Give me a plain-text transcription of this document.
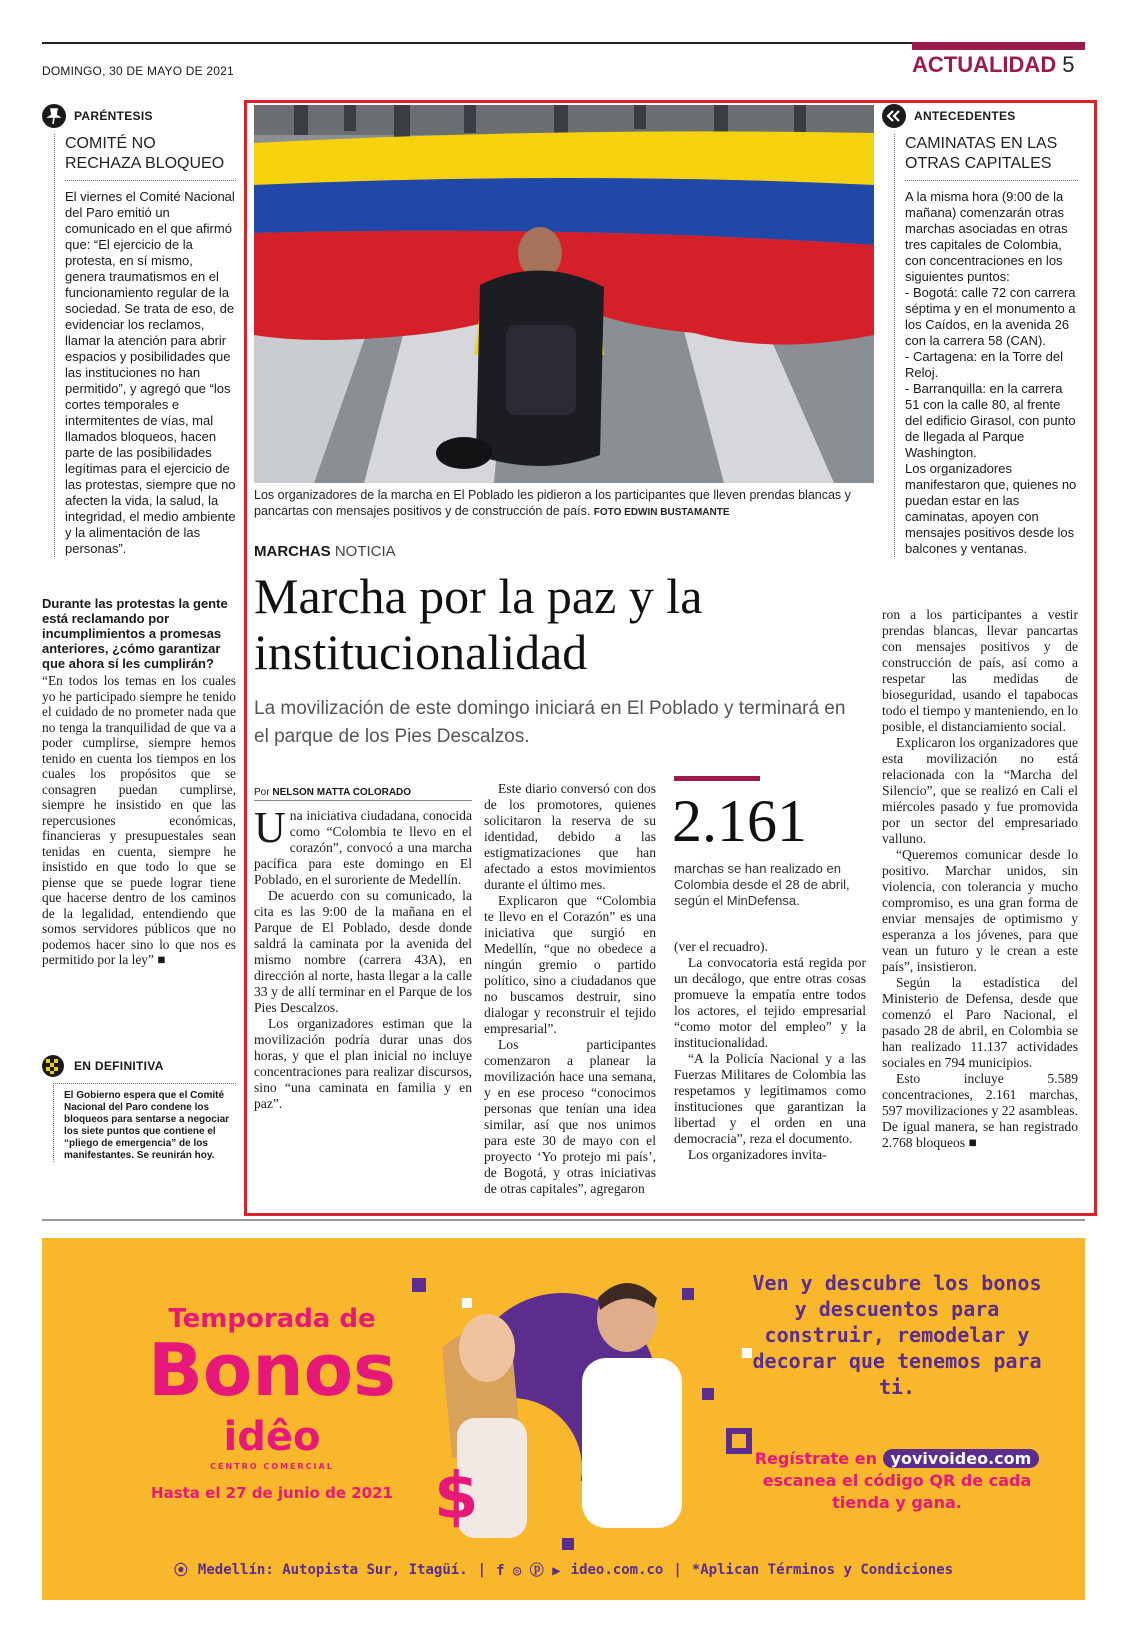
DOMINGO, 30 DE MAYO DE 2021	ACTUALIDAD 5
PARÉNTESIS
COMITÉ NO RECHAZA BLOQUEO
El viernes el Comité Nacional del Paro emitió un comunicado en el que afirmó que: “El ejercicio de la protesta, en sí mismo, genera traumatismos en el funcionamiento regular de la sociedad. Se trata de eso, de evidenciar los reclamos, llamar la atención para abrir espacios y posibilidades que las instituciones no han permitido”, y agregó que “los cortes temporales e intermitentes de vías, mal llamados bloqueos, hacen parte de las posibilidades legítimas para el ejercicio de las protestas, siempre que no afecten la vida, la salud, la integridad, el medio ambiente y la alimentación de las personas”.
Durante las protestas la gente está reclamando por incumplimientos a promesas anteriores, ¿cómo garantizar que ahora sí les cumplirán?
“En todos los temas en los cuales yo he participado siempre he tenido el cuidado de no prometer nada que no tenga la tranquilidad de que va a poder cumplirse, siempre hemos tenido en cuenta los tiempos en los cuales los propósitos que se consagren puedan cumplirse, siempre he insistido en que las repercusiones económicas, financieras y presupuestales sean tenidas en cuenta, siempre he insistido en que todo lo que se piense que se puede lograr tiene que hacerse dentro de los caminos de la legalidad, entendiendo que somos servidores públicos que no podemos hacer sino lo que nos es permitido por la ley” ■
EN DEFINITIVA
El Gobierno espera que el Comité Nacional del Paro condene los bloqueos para sentarse a negociar los siete puntos que contiene el “pliego de emergencia” de los manifestantes. Se reunirán hoy.
Los organizadores de la marcha en El Poblado les pidieron a los participantes que lleven prendas blancas y pancartas con mensajes positivos y de construcción de país. FOTO EDWIN BUSTAMANTE
MARCHAS NOTICIA
Marcha por la paz y la institucionalidad
La movilización de este domingo iniciará en El Poblado y terminará en el parque de los Pies Descalzos.
Por NELSON MATTA COLORADO
U na iniciativa ciudadana, conocida como “Colombia te llevo en el corazón”, convocó a una marcha pacífica para este domingo en El Poblado, en el suroriente de Medellín.

De acuerdo con su comunicado, la cita es las 9:00 de la mañana en el Parque de El Poblado, desde donde saldrá la caminata por la avenida del mismo nombre (carrera 43A), en dirección al norte, hasta llegar a la calle 33 y de allí terminar en el Parque de los Pies Descalzos.

Los organizadores estiman que la movilización podría durar unas dos horas, y que el plan inicial no incluye concentraciones para realizar discursos, sino “una caminata en familia y en paz”.

Este diario conversó con dos de los promotores, quienes solicitaron la reserva de su identidad, debido a las estigmatizaciones que han afectado a estos movimientos durante el último mes.

Explicaron que “Colombia te llevo en el Corazón” es una iniciativa que surgió en Medellín, “que no obedece a ningún gremio o partido político, sino a ciudadanos que no buscamos destruir, sino dialogar y reconstruir el tejido empresarial”.

Los participantes comenzaron a planear la movilización hace una semana, y en ese proceso “conocimos personas que tenían una idea similar, así que nos unimos para este 30 de mayo con el proyecto ‘Yo protejo mi país’, de Bogotá, y otras iniciativas de otras capitales”, agregaron

2.161
marchas se han realizado en Colombia desde el 28 de abril, según el MinDefensa.

(ver el recuadro).

La convocatoria está regida por un decálogo, que entre otras cosas promueve la empatía entre todos los actores, el tejido empresarial “como motor del empleo” y la institucionalidad.

“A la Policía Nacional y a las Fuerzas Militares de Colombia las respetamos y legitimamos como instituciones que garantizan la libertad y el orden en una democracia”, reza el documento.

Los organizadores invita-

ron a los participantes a vestir prendas blancas, llevar pancartas con mensajes positivos y de construcción de país, así como a respetar las medidas de bioseguridad, usando el tapabocas todo el tiempo y manteniendo, en lo posible, el distanciamiento social.

Explicaron los organizadores que esta movilización no está relacionada con la “Marcha del Silencio”, que se realizó en Cali el miércoles pasado y fue promovida por un sector del empresariado valluno.

“Queremos comunicar desde lo positivo. Marchar unidos, sin violencia, con tolerancia y mucho compromiso, es una gran forma de enviar mensajes de optimismo y esperanza a los jóvenes, para que vean un futuro y le crean a este país”, insistieron.

Según la estadística del Ministerio de Defensa, desde que comenzó el Paro Nacional, el pasado 28 de abril, en Colombia se han realizado 11.137 actividades sociales en 794 municipios.

Esto incluye 5.589 concentraciones, 2.161 marchas, 597 movilizaciones y 22 asambleas. De igual manera, se han registrado 2.768 bloqueos ■

ANTECEDENTES
CAMINATAS EN LAS OTRAS CAPITALES
A la misma hora (9:00 de la mañana) comenzarán otras marchas asociadas en otras tres capitales de Colombia, con concentraciones en los siguientes puntos:
- Bogotá: calle 72 con carrera séptima y en el monumento a los Caídos, en la avenida 26 con la carrera 58 (CAN).
- Cartagena: en la Torre del Reloj.
- Barranquilla: en la carrera 51 con la calle 80, al frente del edificio Girasol, con punto de llegada al Parque Washington.
Los organizadores manifestaron que, quienes no puedan estar en las caminatas, apoyen con mensajes positivos desde los balcones y ventanas.
$
Temporada de
Bonos
idêo
CENTRO COMERCIAL
Hasta el 27 de junio de 2021
Ven y descubre los bonos y descuentos para construir, remodelar y decorar que tenemos para ti.
Regístrate en yovivoideo.com
escanea el código QR de cada tienda y gana.
⦿ Medellín: Autopista Sur, Itagüí. | f ◎ ⓟ ▶ ideo.com.co | *Aplican Términos y Condiciones
